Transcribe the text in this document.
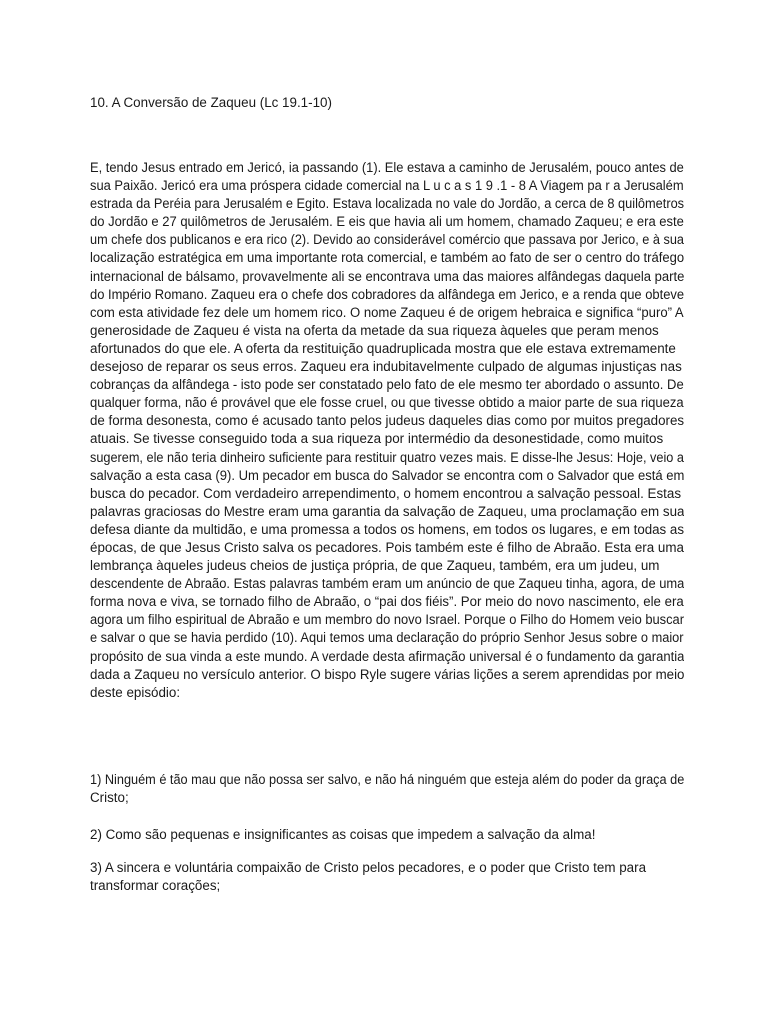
10. A Conversão de Zaqueu (Lc 19.1-10)
E, tendo Jesus entrado em Jericó, ia passando (1). Ele estava a caminho de Jerusalém, pouco antes de
sua Paixão. Jericó era uma próspera cidade comercial na L u c a s 1 9 .1 - 8 A Viagem pa r a Jerusalém
estrada da Peréia para Jerusalém e Egito. Estava localizada no vale do Jordão, a cerca de 8 quilômetros
do Jordão e 27 quilômetros de Jerusalém. E eis que havia ali um homem, chamado Zaqueu; e era este
um chefe dos publicanos e era rico (2). Devido ao considerável comércio que passava por Jerico, e à sua
localização estratégica em uma importante rota comercial, e também ao fato de ser o centro do tráfego
internacional de bálsamo, provavelmente ali se encontrava uma das maiores alfândegas daquela parte
do Império Romano. Zaqueu era o chefe dos cobradores da alfândega em Jerico, e a renda que obteve
com esta atividade fez dele um homem rico. O nome Zaqueu é de origem hebraica e significa “puro” A
generosidade de Zaqueu é vista na oferta da metade da sua riqueza àqueles que peram menos
afortunados do que ele. A oferta da restituição quadruplicada mostra que ele estava extremamente
desejoso de reparar os seus erros. Zaqueu era indubitavelmente culpado de algumas injustiças nas
cobranças da alfândega - isto pode ser constatado pelo fato de ele mesmo ter abordado o assunto. De
qualquer forma, não é provável que ele fosse cruel, ou que tivesse obtido a maior parte de sua riqueza
de forma desonesta, como é acusado tanto pelos judeus daqueles dias como por muitos pregadores
atuais. Se tivesse conseguido toda a sua riqueza por intermédio da desonestidade, como muitos
sugerem, ele não teria dinheiro suficiente para restituir quatro vezes mais. E disse-lhe Jesus: Hoje, veio a
salvação a esta casa (9). Um pecador em busca do Salvador se encontra com o Salvador que está em
busca do pecador. Com verdadeiro arrependimento, o homem encontrou a salvação pessoal. Estas
palavras graciosas do Mestre eram uma garantia da salvação de Zaqueu, uma proclamação em sua
defesa diante da multidão, e uma promessa a todos os homens, em todos os lugares, e em todas as
épocas, de que Jesus Cristo salva os pecadores. Pois também este é filho de Abraão. Esta era uma
lembrança àqueles judeus cheios de justiça própria, de que Zaqueu, também, era um judeu, um
descendente de Abraão. Estas palavras também eram um anúncio de que Zaqueu tinha, agora, de uma
forma nova e viva, se tornado filho de Abraão, o “pai dos fiéis”. Por meio do novo nascimento, ele era
agora um filho espiritual de Abraão e um membro do novo Israel. Porque o Filho do Homem veio buscar
e salvar o que se havia perdido (10). Aqui temos uma declaração do próprio Senhor Jesus sobre o maior
propósito de sua vinda a este mundo. A verdade desta afirmação universal é o fundamento da garantia
dada a Zaqueu no versículo anterior. O bispo Ryle sugere várias lições a serem aprendidas por meio
deste episódio:
1) Ninguém é tão mau que não possa ser salvo, e não há ninguém que esteja além do poder da graça de
Cristo;
2) Como são pequenas e insignificantes as coisas que impedem a salvação da alma!
3) A sincera e voluntária compaixão de Cristo pelos pecadores, e o poder que Cristo tem para
transformar corações;
